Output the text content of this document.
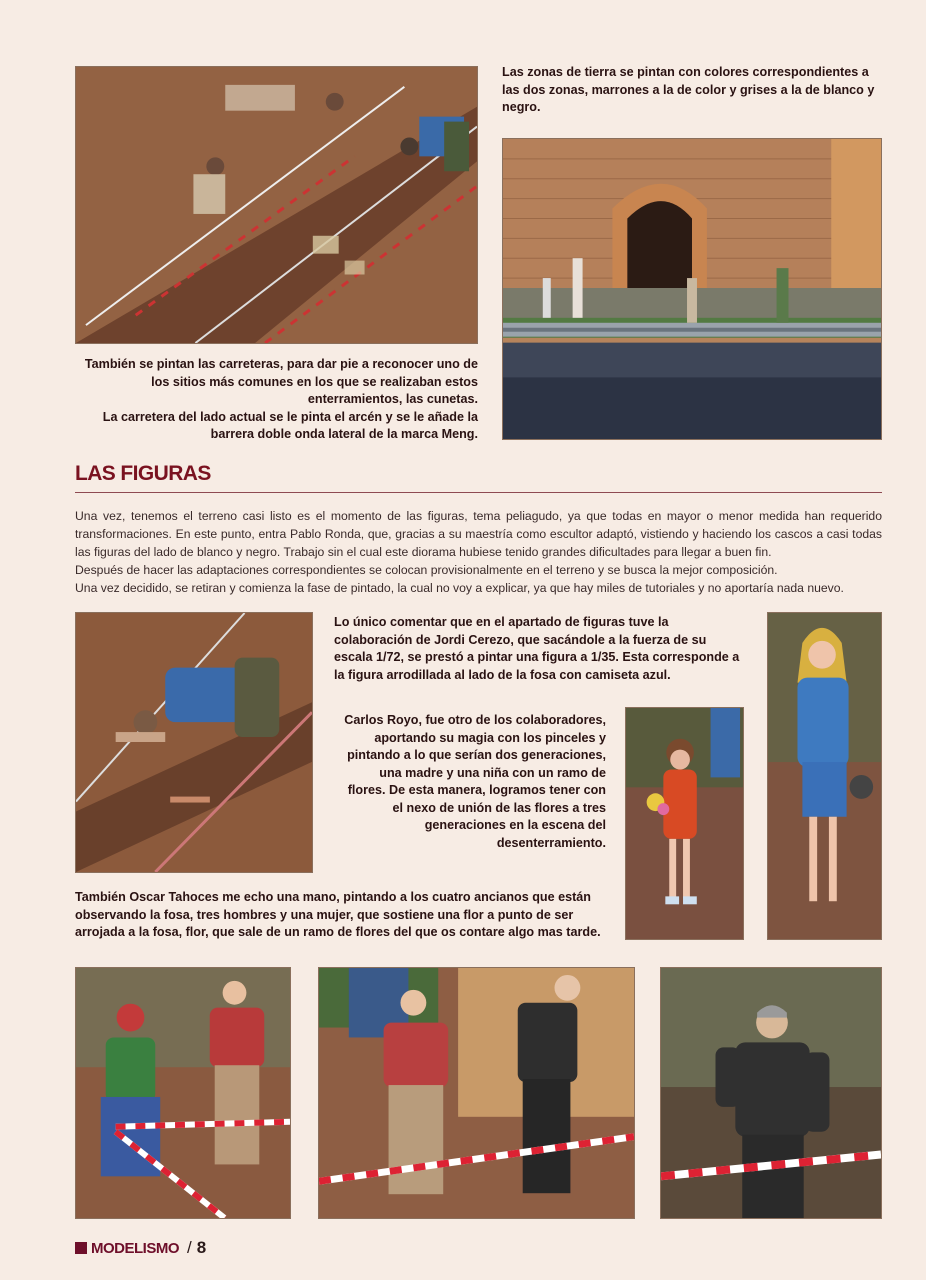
Las zonas de tierra se pintan con colores correspondientes a las dos zonas, marrones a la de color y grises a la de blanco y negro.

También se pintan las carreteras, para dar pie a reconocer uno de los sitios más comunes en los que se realizaban estos enterramientos, las cunetas.

La carretera del lado actual se le pinta el arcén y se le añade la barrera doble onda lateral de la marca Meng.

LAS FIGURAS

Una vez, tenemos el terreno casi listo es el momento de las figuras, tema peliagudo, ya que todas en mayor o menor medida han requerido transformaciones. En este punto, entra Pablo Ronda, que, gracias a su maestría como escultor adaptó, vistiendo y haciendo los cascos a casi todas las figuras del lado de blanco y negro. Trabajo sin el cual este diorama hubiese tenido grandes dificultades para llegar a buen fin.

Después de hacer las adaptaciones correspondientes se colocan provisionalmente en el terreno y se busca la mejor composición.

Una vez decidido, se retiran y comienza la fase de pintado, la cual no voy a explicar, ya que hay miles de tutoriales y no aportaría nada nuevo.

Lo único comentar que en el apartado de figuras tuve la colaboración de Jordi Cerezo, que sacándole a la fuerza de su escala 1/72, se prestó a pintar una figura a 1/35. Esta corresponde a la figura arrodillada al lado de la fosa con camiseta azul.

Carlos Royo, fue otro de los colaboradores, aportando su magia con los pinceles y pintando a lo que serían dos generaciones, una madre y una niña con un ramo de flores. De esta manera, logramos tener con el nexo de unión de las flores a tres generaciones en la escena del desenterramiento.

También Oscar Tahoces me echo una mano, pintando a los cuatro ancianos que están observando la fosa, tres hombres y una mujer, que sostiene una flor a punto de ser arrojada a la fosa, flor, que sale de un ramo de flores del que os contare algo mas tarde.

MODELISMO / 8
